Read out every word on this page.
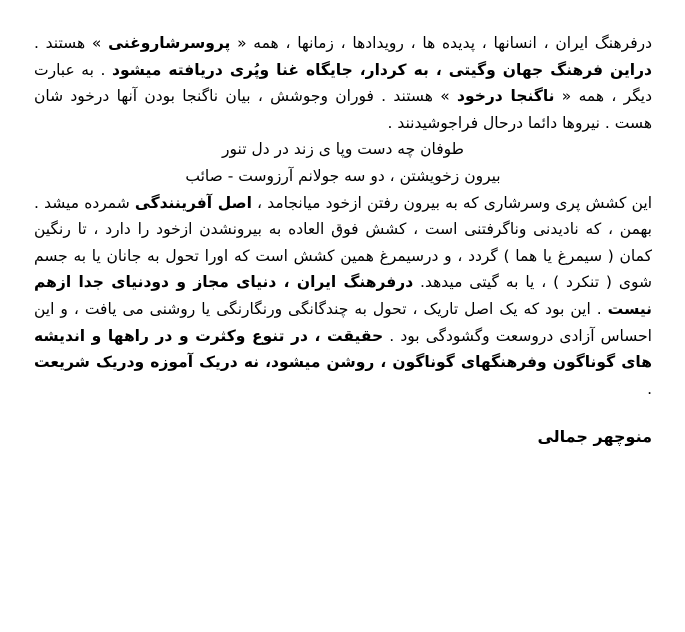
درفرهنگ ایران ، انسانها ، پدیده ها ، رویدادها ، زمانها ، همه « پروسرشاروغنی » هستند . دراین فرهنگ جهان وگیتی ، به کردار، جایگاه غنا وپُری دریافته میشود . به عبارت دیگر ، همه « ناگنجا درخود » هستند . فوران وجوشش ، بیان ناگنجا بودن آنها درخود شان هست . نیروها دائما درحال فراجوشیدنند .

طوفان چه دست وپا ی زند در دل تنور

بیرون زخویشتن ، دو سه جولانم آرزوست - صائب

این کشش پری وسرشاری که به بیرون رفتن ازخود میانجامد ، اصل آفرینندگی شمرده میشد . بهمن ، که نادیدنی وناگرفتنی است ، کشش فوق العاده به بیرونشدن ازخود را دارد ، تا رنگین کمان ( سیمرغ یا هما ) گردد ، و درسیمرغ همین کشش است که اورا تحول به جانان یا به جسم شوی ( تنکرد ) ، یا به گیتی میدهد. درفرهنگ ایران ، دنیای مجاز و دودنیای جدا ازهم نیست . این بود که یک اصل تاریک ، تحول به چندگانگی ورنگارنگی یا روشنی می یافت ، و این احساس آزادی دروسعت وگشودگی بود . حقیقت ، در تنوع وکثرت و در راهها و اندیشه های گوناگون وفرهنگهای گوناگون ، روشن میشود، نه دریک آموزه ودریک شریعت .

منوچهر جمالی
